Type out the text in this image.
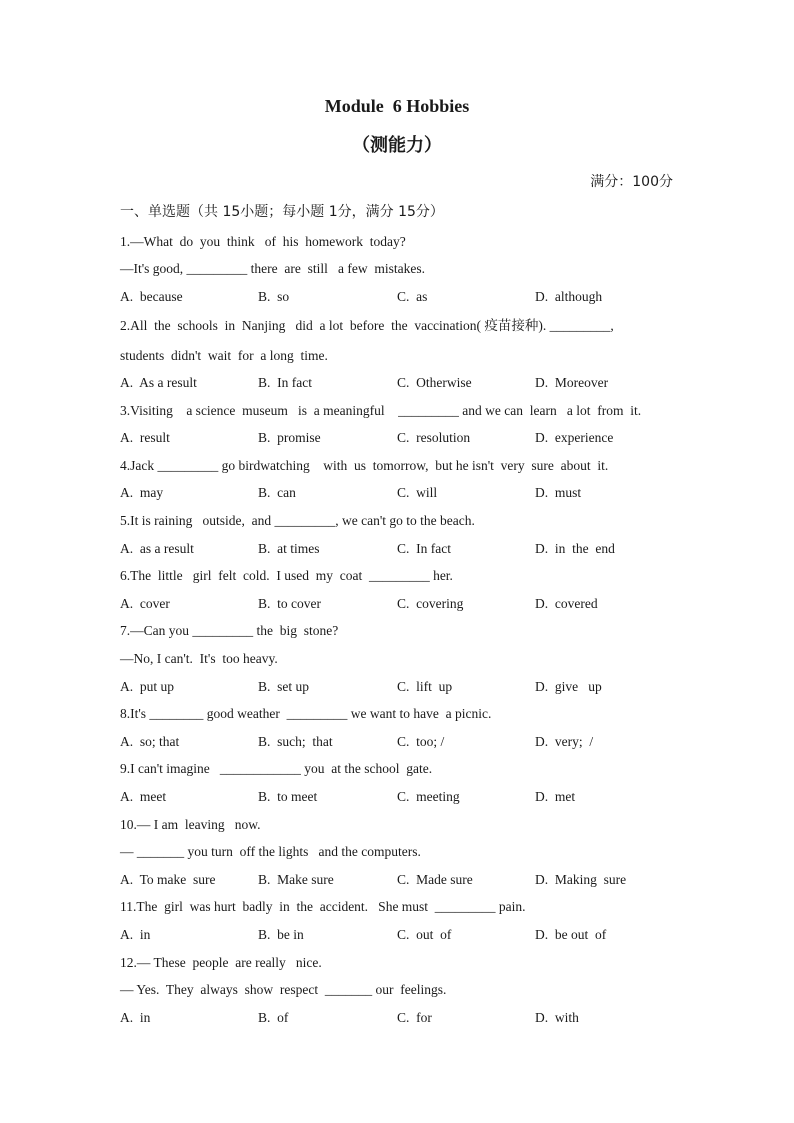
Module  6 Hobbies
（测能力）
满分：100分
一、单选题（共 15小题；每小题 1分，满分 15分）
1.—What  do  you  think   of  his  homework  today?
—It's good, _________ there  are  still   a few  mistakes.
A.  because	B.  so	C.  as	D.  although
2.All  the  schools  in  Nanjing   did  a lot  before  the  vaccination( 疫苗接种). _________,
students  didn't  wait  for  a long  time.
A.  As a result	B.  In fact	C.  Otherwise	D.  Moreover
3.Visiting    a science  museum   is  a meaningful    _________ and we can  learn   a lot  from  it.
A.  result	B.  promise	C.  resolution	D.  experience
4.Jack _________ go birdwatching    with  us  tomorrow,  but he isn't  very  sure  about  it.
A.  may	B.  can	C.  will	D.  must
5.It is raining   outside,  and _________, we can't go to the beach.
A.  as a result	B.  at times	C.  In fact	D.  in  the  end
6.The  little   girl  felt  cold.  I used  my  coat  _________ her.
A.  cover	B.  to cover	C.  covering	D.  covered
7.—Can you _________ the  big  stone?
—No, I can't.  It's  too heavy.
A.  put up	B.  set up	C.  lift  up	D.  give   up
8.It's ________ good weather  _________ we want to have  a picnic.
A.  so; that	B.  such;  that	C.  too; /	D.  very;  /
9.I can't imagine   ____________ you  at the school  gate.
A.  meet	B.  to meet	C.  meeting	D.  met
10.— I am  leaving   now.
— _______ you turn  off the lights   and the computers.
A.  To make  sure	B.  Make sure	C.  Made sure	D.  Making  sure
11.The  girl  was hurt  badly  in  the  accident.   She must  _________ pain.
A.  in	B.  be in	C.  out  of	D.  be out  of
12.— These  people  are really   nice.
— Yes.  They  always  show  respect  _______ our  feelings.
A.  in	B.  of	C.  for	D.  with
